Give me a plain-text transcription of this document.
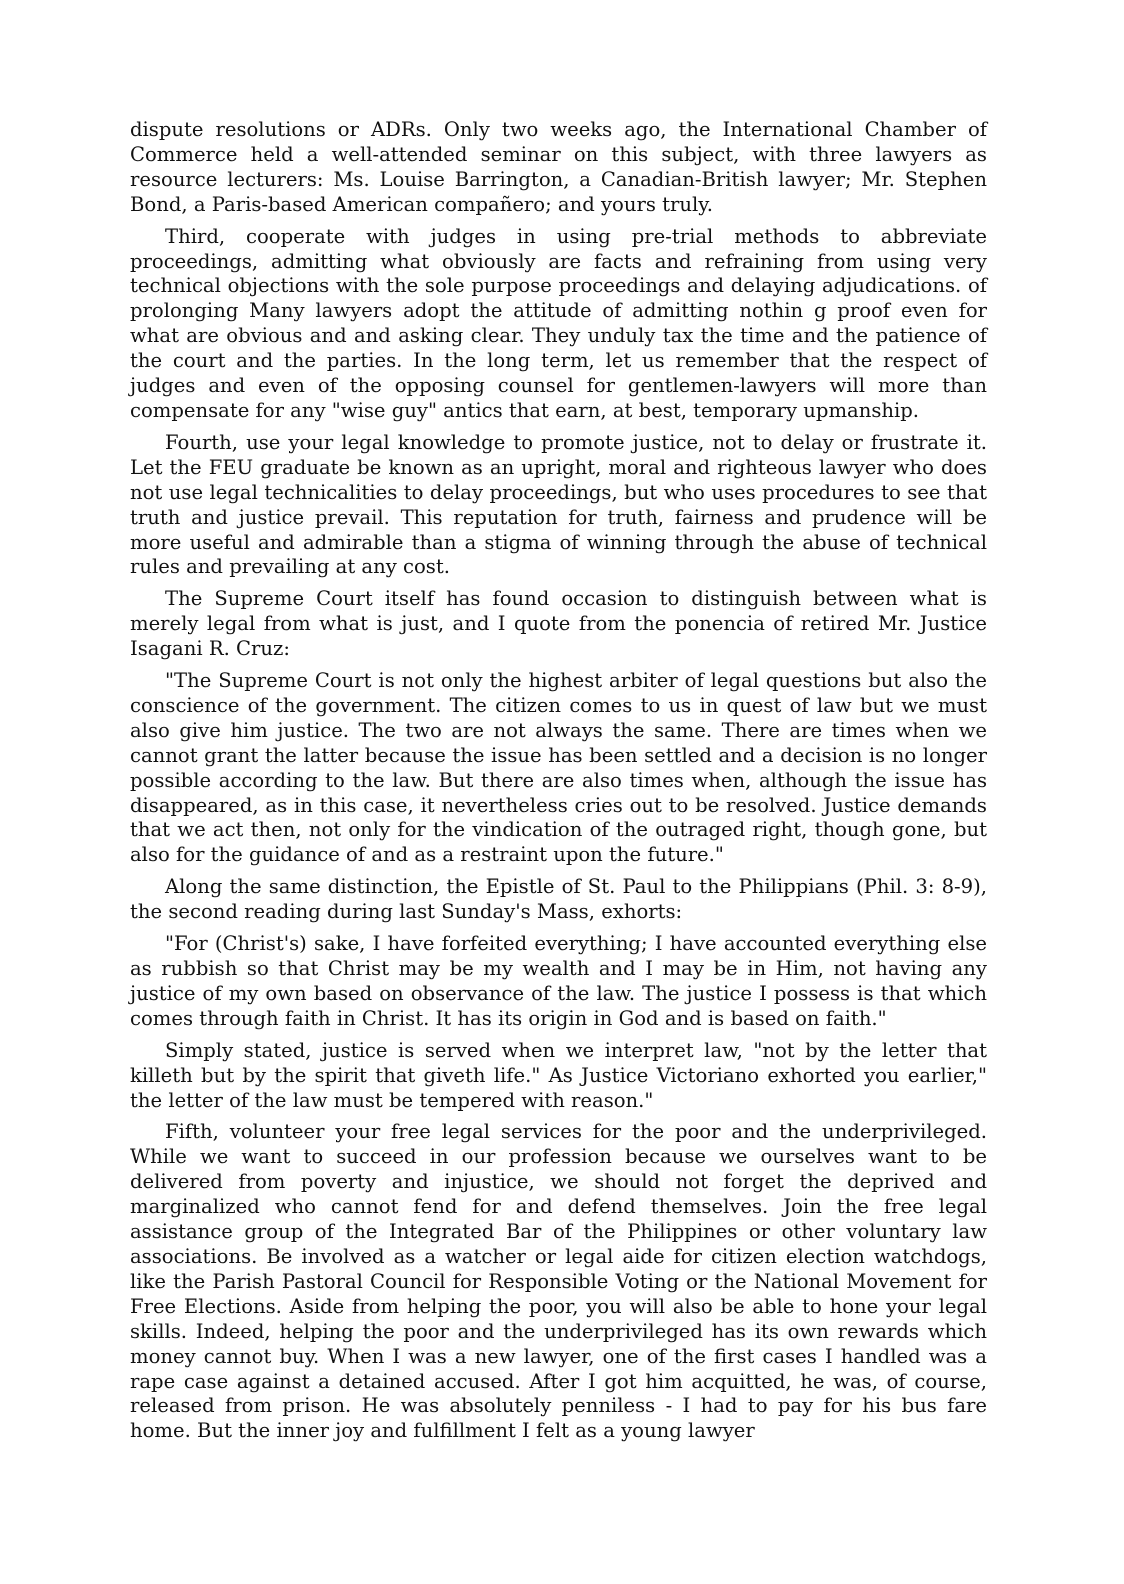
dispute resolutions or ADRs. Only two weeks ago, the International Chamber of Commerce held a well-attended seminar on this subject, with three lawyers as resource lecturers: Ms. Louise Barrington, a Canadian-British lawyer; Mr. Stephen Bond, a Paris-based American compañero; and yours truly.

Third, cooperate with judges in using pre-trial methods to abbreviate proceedings, admitting what obviously are facts and refraining from using very technical objections with the sole purpose proceedings and delaying adjudications. of prolonging Many lawyers adopt the attitude of admitting nothin g proof even for what are obvious and and asking clear. They unduly tax the time and the patience of the court and the parties. In the long term, let us remember that the respect of judges and even of the opposing counsel for gentlemen-lawyers will more than compensate for any "wise guy" antics that earn, at best, temporary upmanship.

Fourth, use your legal knowledge to promote justice, not to delay or frustrate it. Let the FEU graduate be known as an upright, moral and righteous lawyer who does not use legal technicalities to delay proceedings, but who uses procedures to see that truth and justice prevail. This reputation for truth, fairness and prudence will be more useful and admirable than a stigma of winning through the abuse of technical rules and prevailing at any cost.

The Supreme Court itself has found occasion to distinguish between what is merely legal from what is just, and I quote from the ponencia of retired Mr. Justice Isagani R. Cruz:

"The Supreme Court is not only the highest arbiter of legal questions but also the conscience of the government. The citizen comes to us in quest of law but we must also give him justice. The two are not always the same. There are times when we cannot grant the latter because the issue has been settled and a decision is no longer possible according to the law. But there are also times when, although the issue has disappeared, as in this case, it nevertheless cries out to be resolved. Justice demands that we act then, not only for the vindication of the outraged right, though gone, but also for the guidance of and as a restraint upon the future."

Along the same distinction, the Epistle of St. Paul to the Philippians (Phil. 3: 8-9), the second reading during last Sunday's Mass, exhorts:

"For (Christ's) sake, I have forfeited everything; I have accounted everything else as rubbish so that Christ may be my wealth and I may be in Him, not having any justice of my own based on observance of the law. The justice I possess is that which comes through faith in Christ. It has its origin in God and is based on faith."

Simply stated, justice is served when we interpret law, "not by the letter that killeth but by the spirit that giveth life." As Justice Victoriano exhorted you earlier," the letter of the law must be tempered with reason."

Fifth, volunteer your free legal services for the poor and the underprivileged. While we want to succeed in our profession because we ourselves want to be delivered from poverty and injustice, we should not forget the deprived and marginalized who cannot fend for and defend themselves. Join the free legal assistance group of the Integrated Bar of the Philippines or other voluntary law associations. Be involved as a watcher or legal aide for citizen election watchdogs, like the Parish Pastoral Council for Responsible Voting or the National Movement for Free Elections. Aside from helping the poor, you will also be able to hone your legal skills. Indeed, helping the poor and the underprivileged has its own rewards which money cannot buy. When I was a new lawyer, one of the first cases I handled was a rape case against a detained accused. After I got him acquitted, he was, of course, released from prison. He was absolutely penniless - I had to pay for his bus fare home. But the inner joy and fulfillment I felt as a young lawyer
